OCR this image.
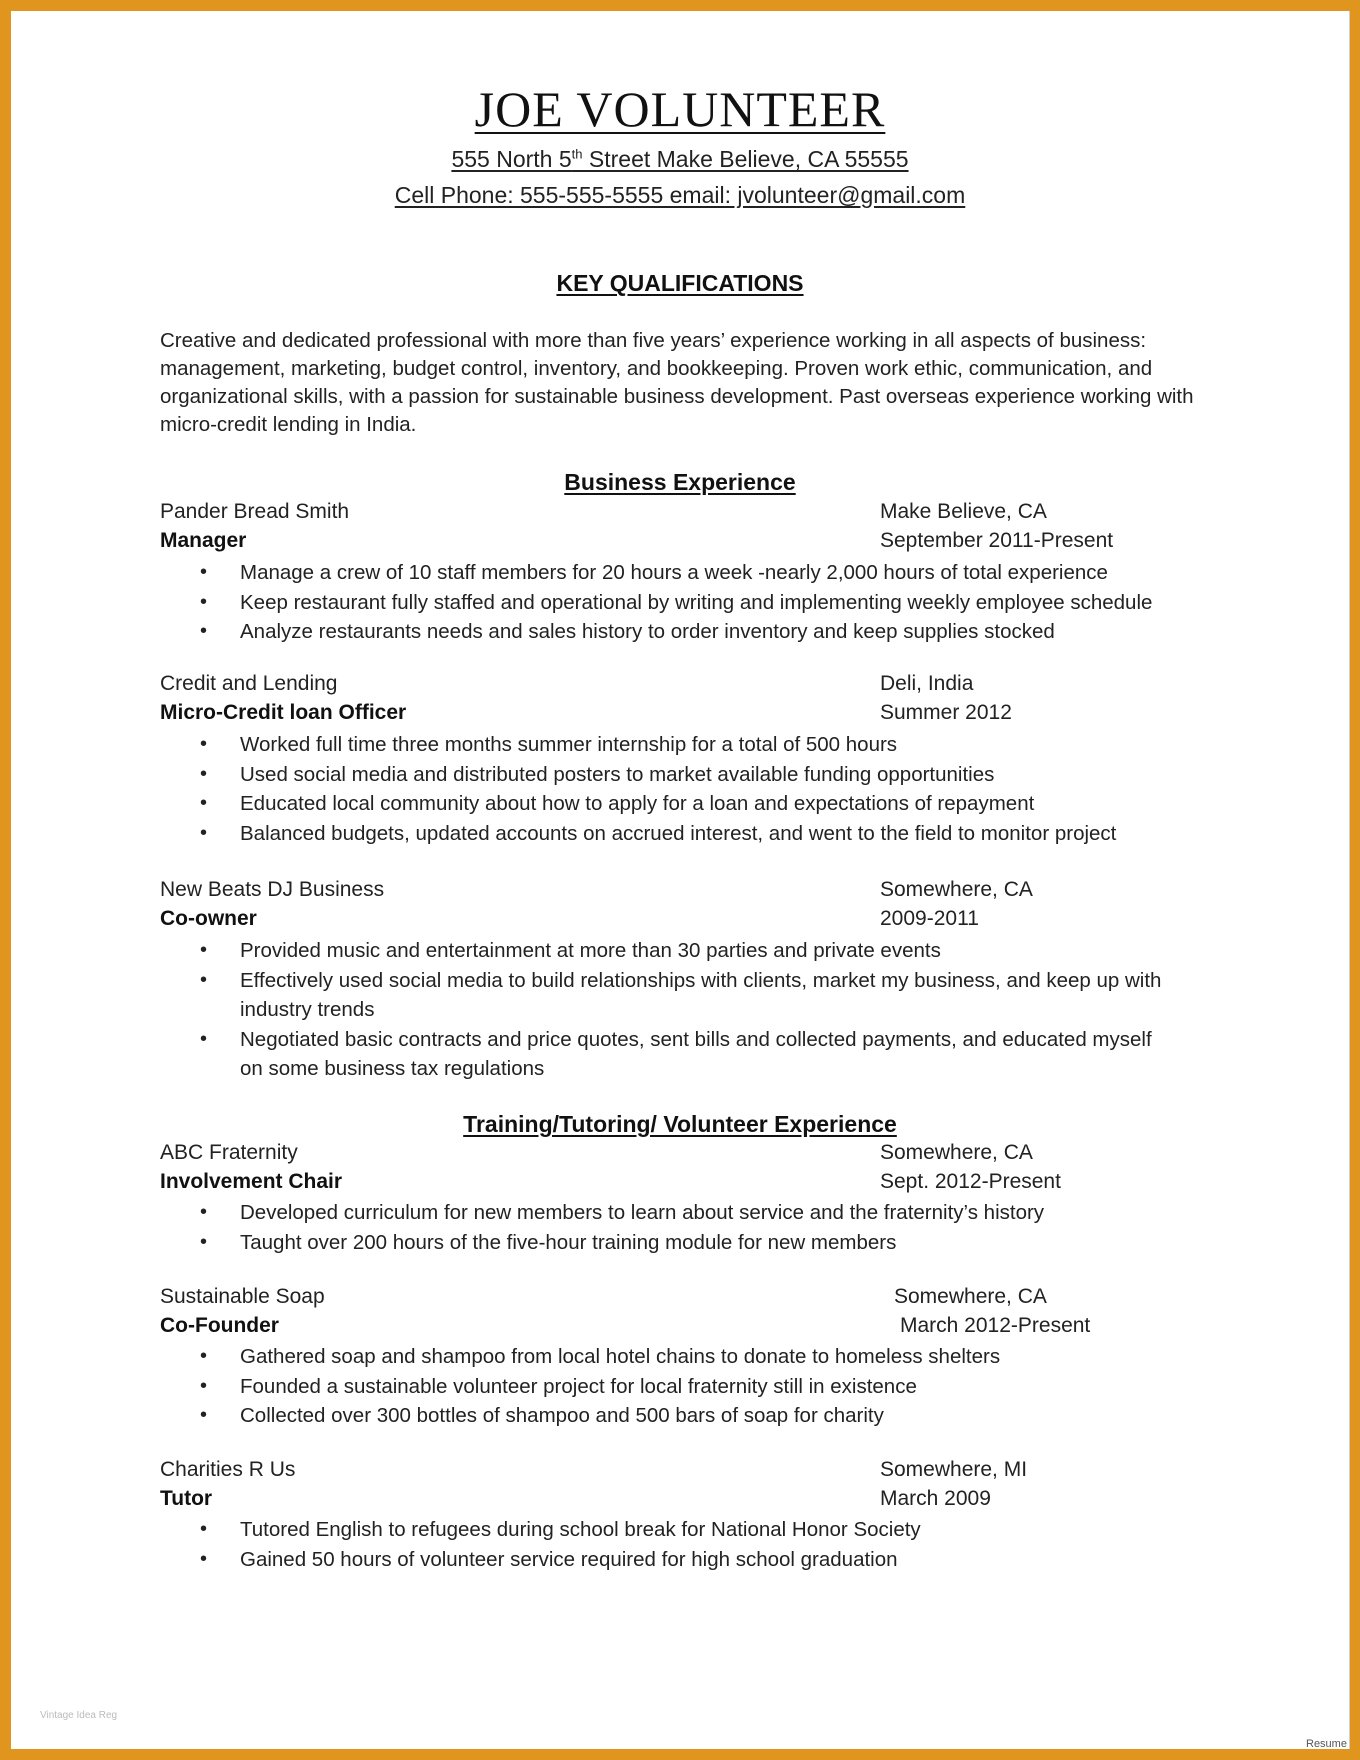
JOE VOLUNTEER
555 North 5th Street Make Believe, CA 55555
Cell Phone: 555-555-5555 email: jvolunteer@gmail.com
KEY QUALIFICATIONS
Creative and dedicated professional with more than five years’ experience working in all aspects of business:
management, marketing, budget control, inventory, and bookkeeping. Proven work ethic, communication, and
organizational skills, with a passion for sustainable business development. Past overseas experience working with
micro-credit lending in India.
Business Experience
Pander Bread Smith	Make Believe, CA
Manager	September 2011-Present
• Manage a crew of 10 staff members for 20 hours a week -nearly 2,000 hours of total experience
• Keep restaurant fully staffed and operational by writing and implementing weekly employee schedule
• Analyze restaurants needs and sales history to order inventory and keep supplies stocked
Credit and Lending	Deli, India
Micro-Credit loan Officer	Summer 2012
• Worked full time three months summer internship for a total of 500 hours
• Used social media and distributed posters to market available funding opportunities
• Educated local community about how to apply for a loan and expectations of repayment
• Balanced budgets, updated accounts on accrued interest, and went to the field to monitor project
New Beats DJ Business	Somewhere, CA
Co-owner	2009-2011
• Provided music and entertainment at more than 30 parties and private events
• Effectively used social media to build relationships with clients, market my business, and keep up with industry trends
• Negotiated basic contracts and price quotes, sent bills and collected payments, and educated myself on some business tax regulations
Training/Tutoring/ Volunteer Experience
ABC Fraternity	Somewhere, CA
Involvement Chair	Sept. 2012-Present
• Developed curriculum for new members to learn about service and the fraternity’s history
• Taught over 200 hours of the five-hour training module for new members
Sustainable Soap	Somewhere, CA
Co-Founder	March 2012-Present
• Gathered soap and shampoo from local hotel chains to donate to homeless shelters
• Founded a sustainable volunteer project for local fraternity still in existence
• Collected over 300 bottles of shampoo and 500 bars of soap for charity
Charities R Us	Somewhere, MI
Tutor	March 2009
• Tutored English to refugees during school break for National Honor Society
• Gained 50 hours of volunteer service required for high school graduation
Vintage Idea Reg
Resume
